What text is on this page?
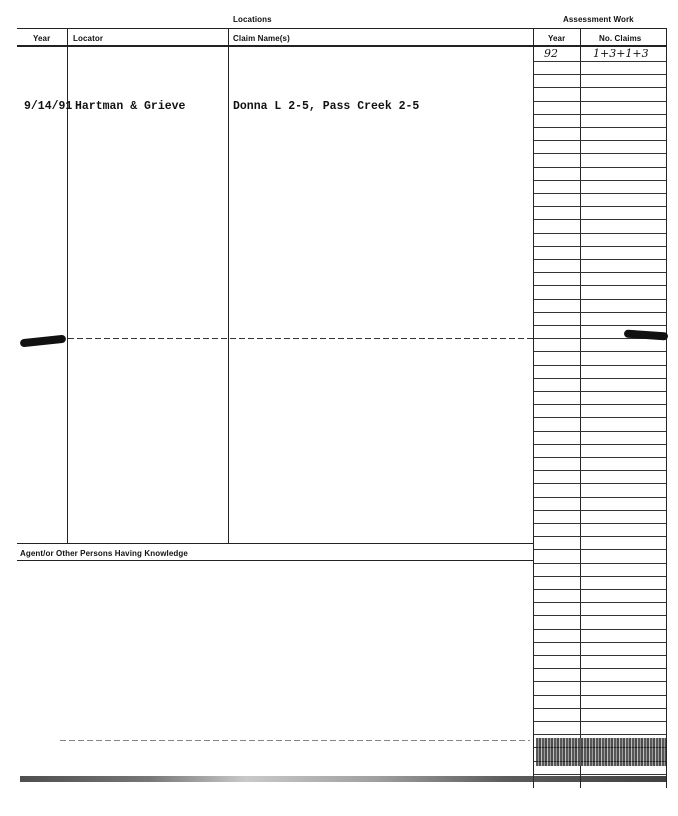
Locations	Assessment Work
Year	Locator	Claim Name(s)	Year	No. Claims
9/14/91 Hartman & Grieve	Donna L 2-5, Pass Creek 2-5
92	1+3+1+3
Agent/or Other Persons Having Knowledge
